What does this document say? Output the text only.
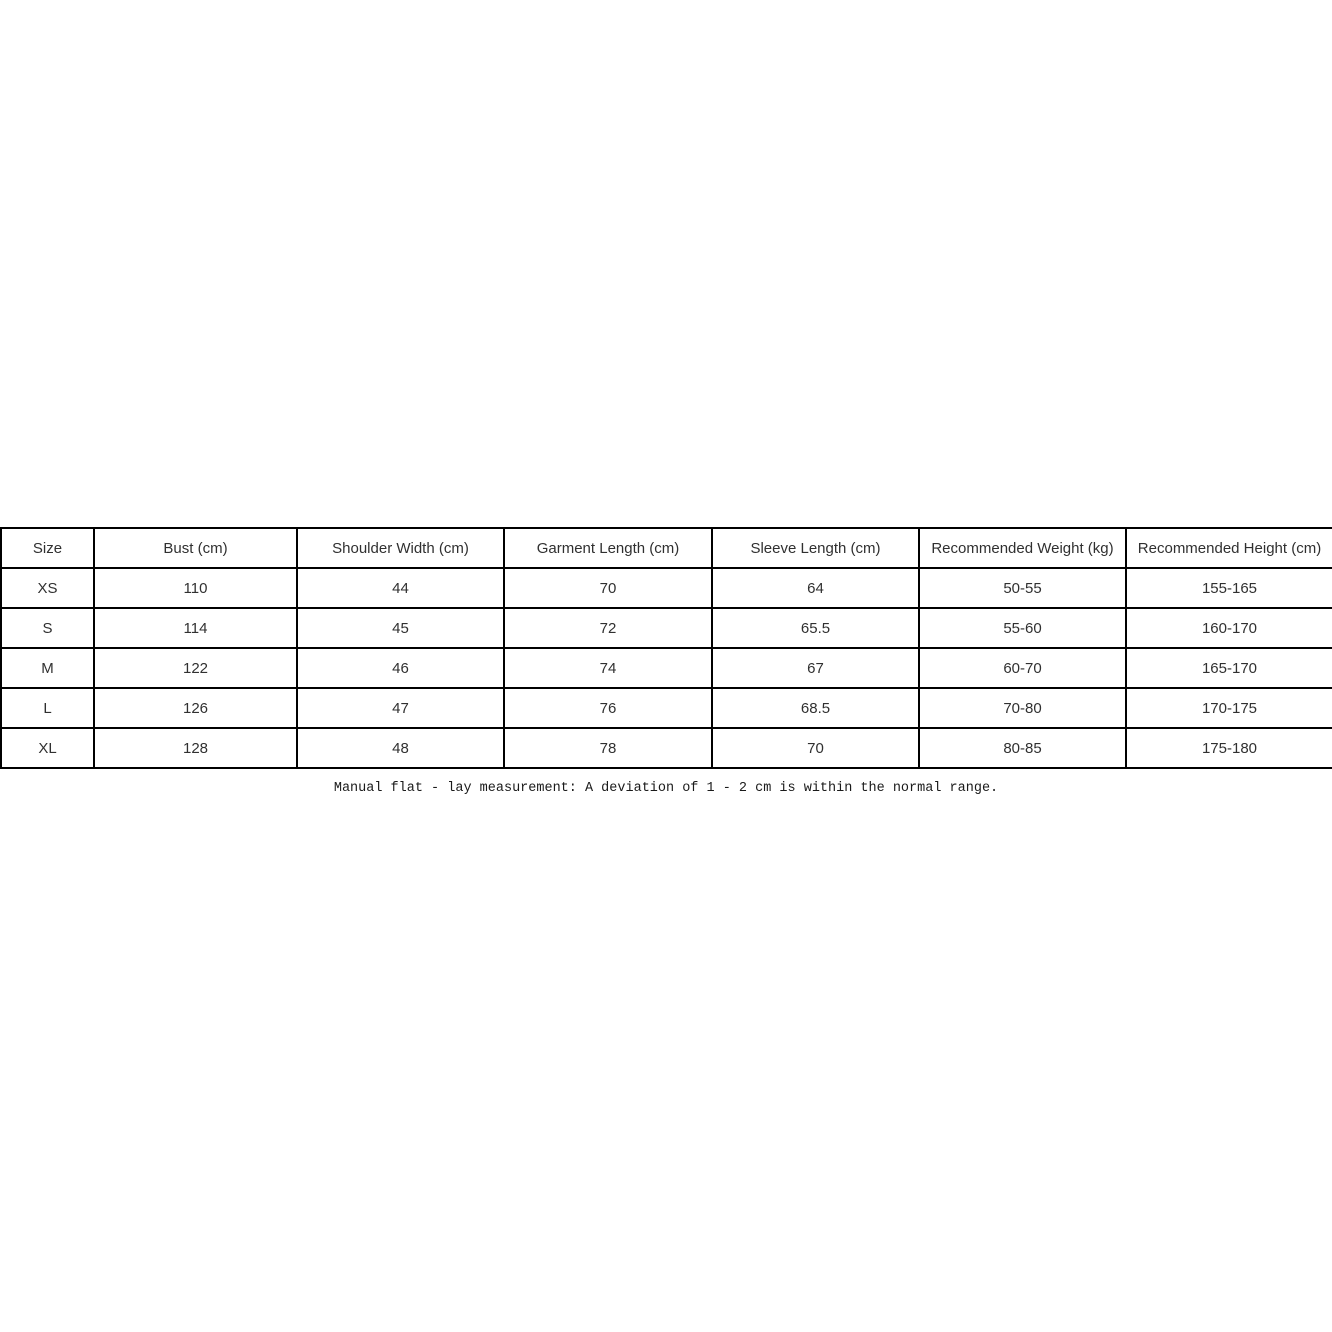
Size	Bust (cm)	Shoulder Width (cm)	Garment Length (cm)	Sleeve Length (cm)	Recommended Weight (kg)	Recommended Height (cm)
XS	110	44	70	64	50-55	155-165
S	114	45	72	65.5	55-60	160-170
M	122	46	74	67	60-70	165-170
L	126	47	76	68.5	70-80	170-175
XL	128	48	78	70	80-85	175-180
Manual flat - lay measurement: A deviation of 1 - 2 cm is within the normal range.
